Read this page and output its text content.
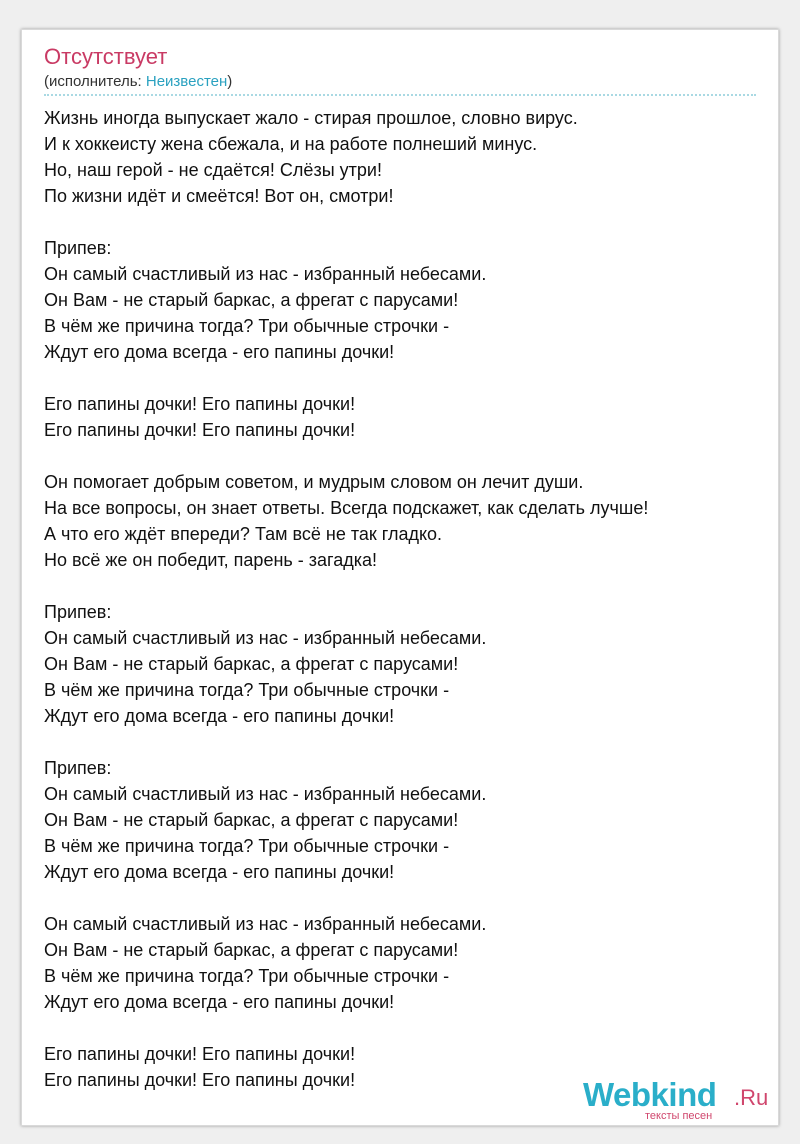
Отсутствует
(исполнитель: Неизвестен)
Жизнь иногда выпускает жало - стирая прошлое, словно вирус.
И к хоккеисту жена сбежала, и на работе полнеший минус.
Но, наш герой - не сдаётся! Слёзы утри!
По жизни идёт и смеётся! Вот он, смотри!
Припев:
Он самый счастливый из нас - избранный небесами.
Он Вам - не старый баркас, а фрегат с парусами!
В чём же причина тогда? Три обычные строчки -
Ждут его дома всегда - его папины дочки!
Его папины дочки! Его папины дочки!
Его папины дочки! Его папины дочки!
Он помогает добрым советом, и мудрым словом он лечит души.
На все вопросы, он знает ответы. Всегда подскажет, как сделать лучше!
А что его ждёт впереди? Там всё не так гладко.
Но всё же он победит, парень - загадка!
Припев:
Он самый счастливый из нас - избранный небесами.
Он Вам - не старый баркас, а фрегат с парусами!
В чём же причина тогда? Три обычные строчки -
Ждут его дома всегда - его папины дочки!
Припев:
Он самый счастливый из нас - избранный небесами.
Он Вам - не старый баркас, а фрегат с парусами!
В чём же причина тогда? Три обычные строчки -
Ждут его дома всегда - его папины дочки!
Он самый счастливый из нас - избранный небесами.
Он Вам - не старый баркас, а фрегат с парусами!
В чём же причина тогда? Три обычные строчки -
Ждут его дома всегда - его папины дочки!
Его папины дочки! Его папины дочки!
Его папины дочки! Его папины дочки!	Webkind .Ru
тексты песен
